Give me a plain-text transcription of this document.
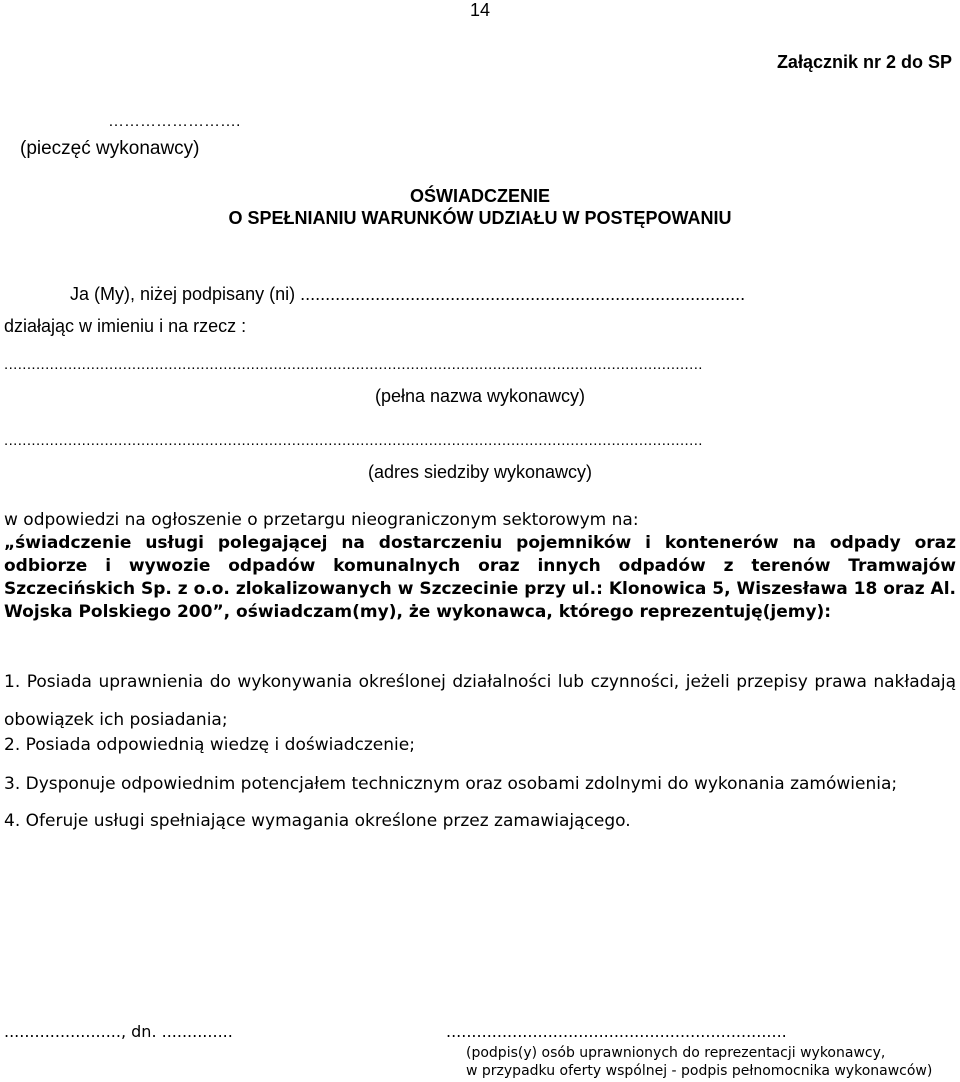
14
Załącznik nr 2 do SP
…………………….
(pieczęć wykonawcy)
OŚWIADCZENIE
O SPEŁNIANIU WARUNKÓW UDZIAŁU W POSTĘPOWANIU
Ja (My), niżej podpisany (ni) .........................................................................................
działając w imieniu i na rzecz :
.........................................................................................................................................................
(pełna nazwa wykonawcy)
.........................................................................................................................................................
(adres siedziby wykonawcy)
w odpowiedzi na ogłoszenie o przetargu nieograniczonym sektorowym na:
„świadczenie usługi polegającej na dostarczeniu pojemników i kontenerów na odpady oraz odbiorze i wywozie odpadów komunalnych oraz innych odpadów z terenów Tramwajów Szczecińskich Sp. z o.o. zlokalizowanych w Szczecinie przy ul.: Klonowica 5, Wiszesława 18 oraz Al. Wojska Polskiego 200”, oświadczam(my), że wykonawca, którego reprezentuję(jemy):
1. Posiada uprawnienia do wykonywania określonej działalności lub czynności, jeżeli przepisy prawa nakładają obowiązek ich posiadania;
2. Posiada odpowiednią wiedzę i doświadczenie;
3. Dysponuje odpowiednim potencjałem technicznym oraz osobami zdolnymi do wykonania zamówienia;
4. Oferuje usługi spełniające wymagania określone przez zamawiającego.
......................., dn. ..............	...................................................................
(podpis(y) osób uprawnionych do reprezentacji wykonawcy,
w przypadku oferty wspólnej - podpis pełnomocnika wykonawców)
